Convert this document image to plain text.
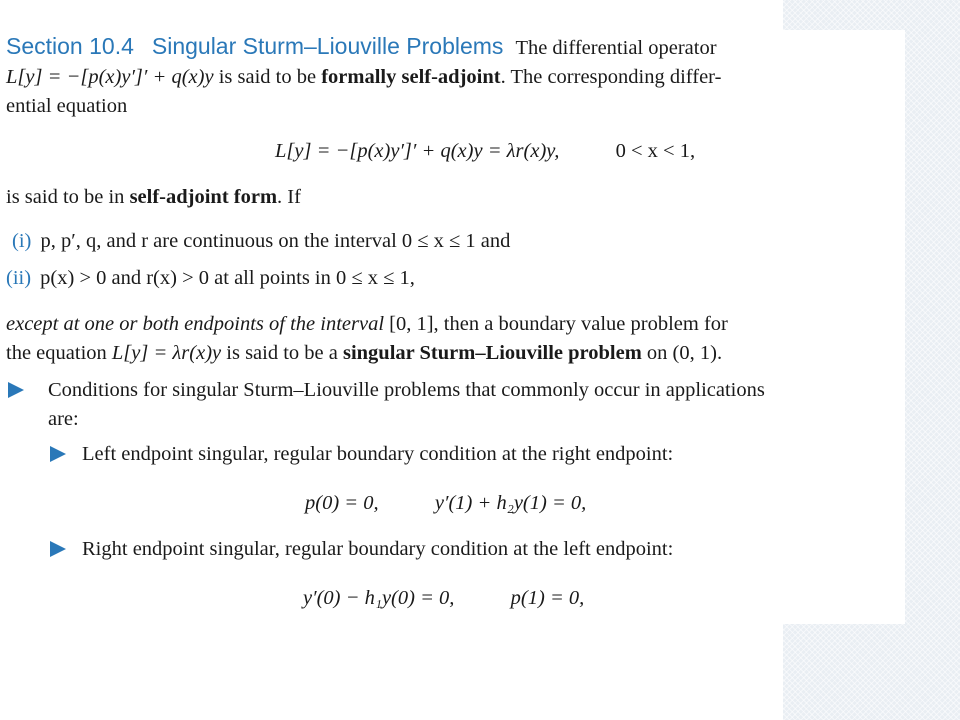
Section 10.4 Singular Sturm–Liouville Problems The differential operator
L[y] = −[p(x)y′]′ + q(x)y is said to be formally self-adjoint. The corresponding differ-
ential equation

L[y] = −[p(x)y′]′ + q(x)y = λr(x)y,	0 < x < 1,
is said to be in self-adjoint form. If
(i) p, p′, q, and r are continuous on the interval 0 ≤ x ≤ 1 and
(ii) p(x) > 0 and r(x) > 0 at all points in 0 ≤ x ≤ 1,

except at one or both endpoints of the interval [0, 1], then a boundary value problem for
the equation L[y] = λr(x)y is said to be a singular Sturm–Liouville problem on (0, 1).

Conditions for singular Sturm–Liouville problems that commonly occur in applications
are:
Left endpoint singular, regular boundary condition at the right endpoint:
p(0) = 0,	y′(1) + h₂y(1) = 0,
Right endpoint singular, regular boundary condition at the left endpoint:
y′(0) − h₁y(0) = 0,	p(1) = 0,
